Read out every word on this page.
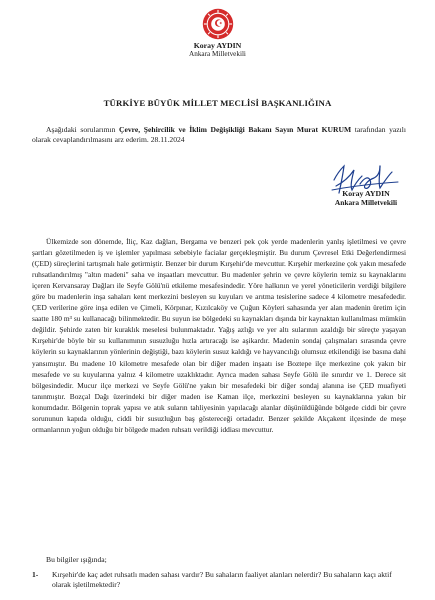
Koray AYDIN
Ankara Milletvekili
TÜRKİYE BÜYÜK MİLLET MECLİSİ BAŞKANLIĞINA

Aşağıdaki sorularımın Çevre, Şehircilik ve İklim Değişikliği Bakanı Sayın Murat KURUM tarafından yazılı olarak cevaplandırılmasını arz ederim. 28.11.2024

Koray AYDIN
Ankara Milletvekili

Ülkemizde son dönemde, İliç, Kaz dağları, Bergama ve benzeri pek çok yerde madenlerin yanlış işletilmesi ve çevre şartları gözetilmeden iş ve işlemler yapılması sebebiyle facialar gerçekleşmiştir. Bu durum Çevresel Etki Değerlendirmesi (ÇED) süreçlerini tartışmalı hale getirmiştir. Benzer bir durum Kırşehir'de mevcuttur. Kırşehir merkezine çok yakın mesafede ruhsatlandırılmış "altın madeni" saha ve inşaatları mevcuttur. Bu madenler şehrin ve çevre köylerin temiz su kaynaklarını içeren Kervansaray Dağları ile Seyfe Gölü'nü etkileme mesafesindedir. Yöre halkının ve yerel yöneticilerin verdiği bilgilere göre bu madenlerin inşa sahaları kent merkezini besleyen su kuyuları ve arıtma tesislerine sadece 4 kilometre mesafededir. ÇED verilerine göre inşa edilen ve Çimeli, Körpınar, Kızılcaköy ve Çuğun Köyleri sahasında yer alan madenin üretim için saatte 180 m³ su kullanacağı bilinmektedir. Bu suyun ise bölgedeki su kaynakları dışında bir kaynaktan kullanılması mümkün değildir. Şehirde zaten bir kuraklık meselesi bulunmaktadır. Yağış azlığı ve yer altı sularının azaldığı bir süreçte yaşayan Kırşehir'de böyle bir su kullanımının susuzluğu hızla artıracağı ise aşikardır. Madenin sondaj çalışmaları sırasında çevre köylerin su kaynaklarının yönlerinin değiştiği, bazı köylerin susuz kaldığı ve hayvancılığı olumsuz etkilendiği ise basına dahi yansımıştır. Bu madene 10 kilometre mesafede olan bir diğer maden inşaatı ise Boztepe ilçe merkezine çok yakın bir mesafede ve su kuyularına yalnız 4 kilometre uzaklıktadır. Ayrıca maden sahası Seyfe Gölü ile sınırdır ve 1. Derece sit bölgesindedir. Mucur ilçe merkezi ve Seyfe Gölü'ne yakın bir mesafedeki bir diğer sondaj alanına ise ÇED muafiyeti tanınmıştır. Bozçal Dağı üzerindeki bir diğer maden ise Kaman ilçe, merkezini besleyen su kaynaklarına yakın bir konumdadır. Bölgenin toprak yapısı ve atık suların tahliyesinin yapılacağı alanlar düşünüldüğünde bölgede ciddi bir çevre sorununun kapıda olduğu, ciddi bir susuzluğun baş göstereceği ortadadır. Benzer şekilde Akçakent ilçesinde de meşe ormanlarının yoğun olduğu bir bölgede maden ruhsatı verildiği iddiası mevcuttur.

Bu bilgiler ışığında;

1-	Kırşehir'de kaç adet ruhsatlı maden sahası vardır? Bu sahaların faaliyet alanları nelerdir? Bu sahaların kaçı aktif olarak işletilmektedir?
